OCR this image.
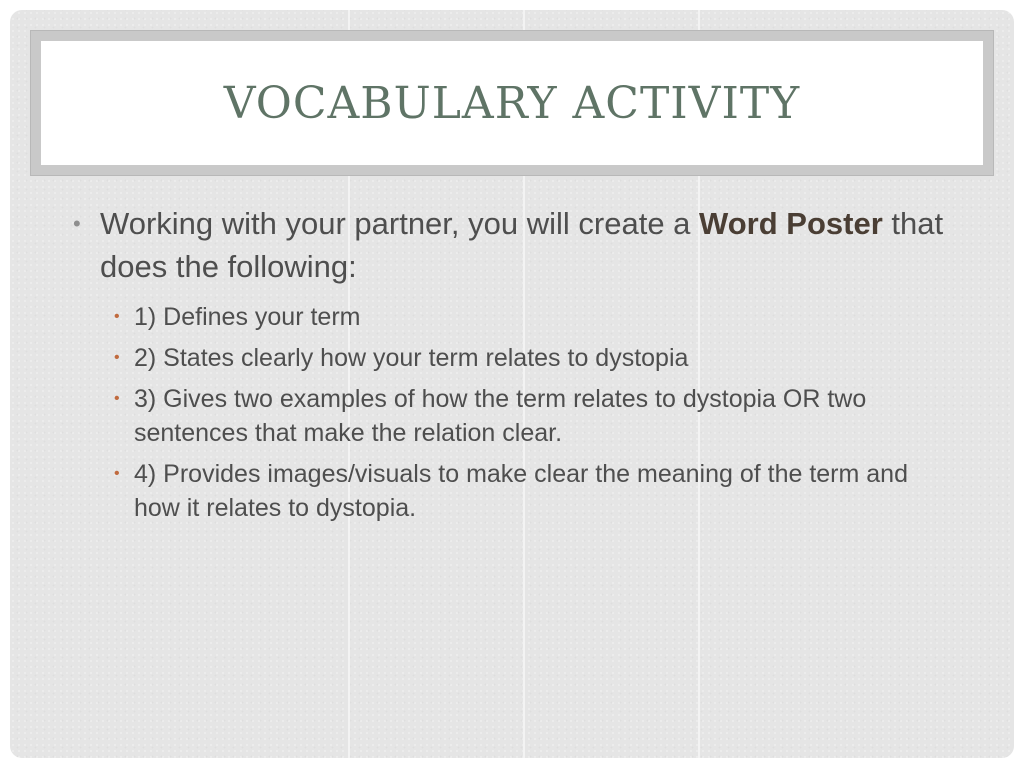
VOCABULARY ACTIVITY
• Working with your partner, you will create a Word Poster that does the following:
• 1) Defines your term
• 2) States clearly how your term relates to dystopia
• 3) Gives two examples of how the term relates to dystopia OR two sentences that make the relation clear.
• 4) Provides images/visuals to make clear the meaning of the term and how it relates to dystopia.
